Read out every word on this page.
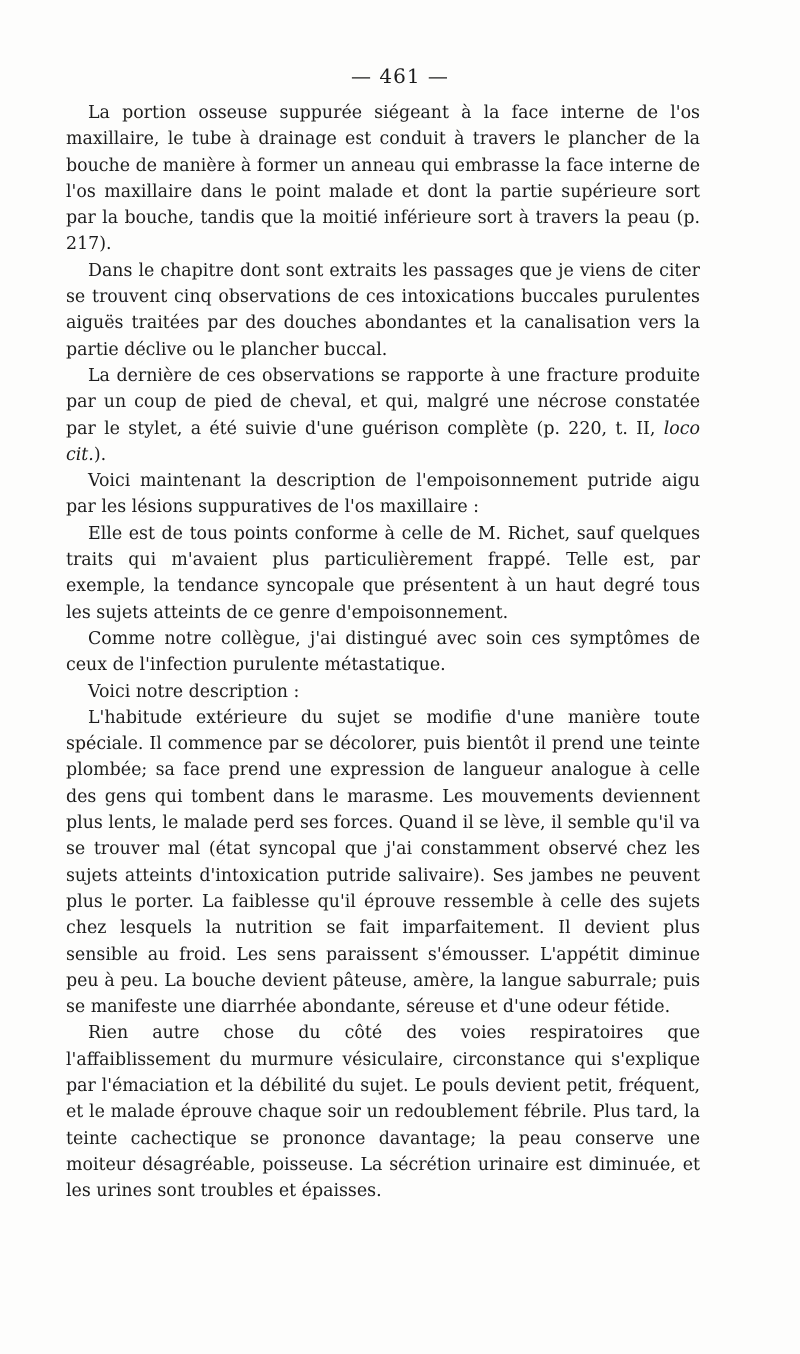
— 461 —

La portion osseuse suppurée siégeant à la face interne de l'os maxillaire, le tube à drainage est conduit à travers le plancher de la bouche de manière à former un anneau qui embrasse la face interne de l'os maxillaire dans le point malade et dont la partie supérieure sort par la bouche, tandis que la moitié inférieure sort à travers la peau (p. 217).

Dans le chapitre dont sont extraits les passages que je viens de citer se trouvent cinq observations de ces intoxications buccales purulentes aiguës traitées par des douches abondantes et la canalisation vers la partie déclive ou le plancher buccal.

La dernière de ces observations se rapporte à une fracture produite par un coup de pied de cheval, et qui, malgré une nécrose constatée par le stylet, a été suivie d'une guérison complète (p. 220, t. II, loco cit.).

Voici maintenant la description de l'empoisonnement putride aigu par les lésions suppuratives de l'os maxillaire :

Elle est de tous points conforme à celle de M. Richet, sauf quelques traits qui m'avaient plus particulièrement frappé. Telle est, par exemple, la tendance syncopale que présentent à un haut degré tous les sujets atteints de ce genre d'empoisonnement.

Comme notre collègue, j'ai distingué avec soin ces symptômes de ceux de l'infection purulente métastatique.

Voici notre description :

L'habitude extérieure du sujet se modifie d'une manière toute spéciale. Il commence par se décolorer, puis bientôt il prend une teinte plombée; sa face prend une expression de langueur analogue à celle des gens qui tombent dans le marasme. Les mouvements deviennent plus lents, le malade perd ses forces. Quand il se lève, il semble qu'il va se trouver mal (état syncopal que j'ai constamment observé chez les sujets atteints d'intoxication putride salivaire). Ses jambes ne peuvent plus le porter. La faiblesse qu'il éprouve ressemble à celle des sujets chez lesquels la nutrition se fait imparfaitement. Il devient plus sensible au froid. Les sens paraissent s'émousser. L'appétit diminue peu à peu. La bouche devient pâteuse, amère, la langue saburrale; puis se manifeste une diarrhée abondante, séreuse et d'une odeur fétide.

Rien autre chose du côté des voies respiratoires que l'affaiblissement du murmure vésiculaire, circonstance qui s'explique par l'émaciation et la débilité du sujet. Le pouls devient petit, fréquent, et le malade éprouve chaque soir un redoublement fébrile. Plus tard, la teinte cachectique se prononce davantage; la peau conserve une moiteur désagréable, poisseuse. La sécrétion urinaire est diminuée, et les urines sont troubles et épaisses.
